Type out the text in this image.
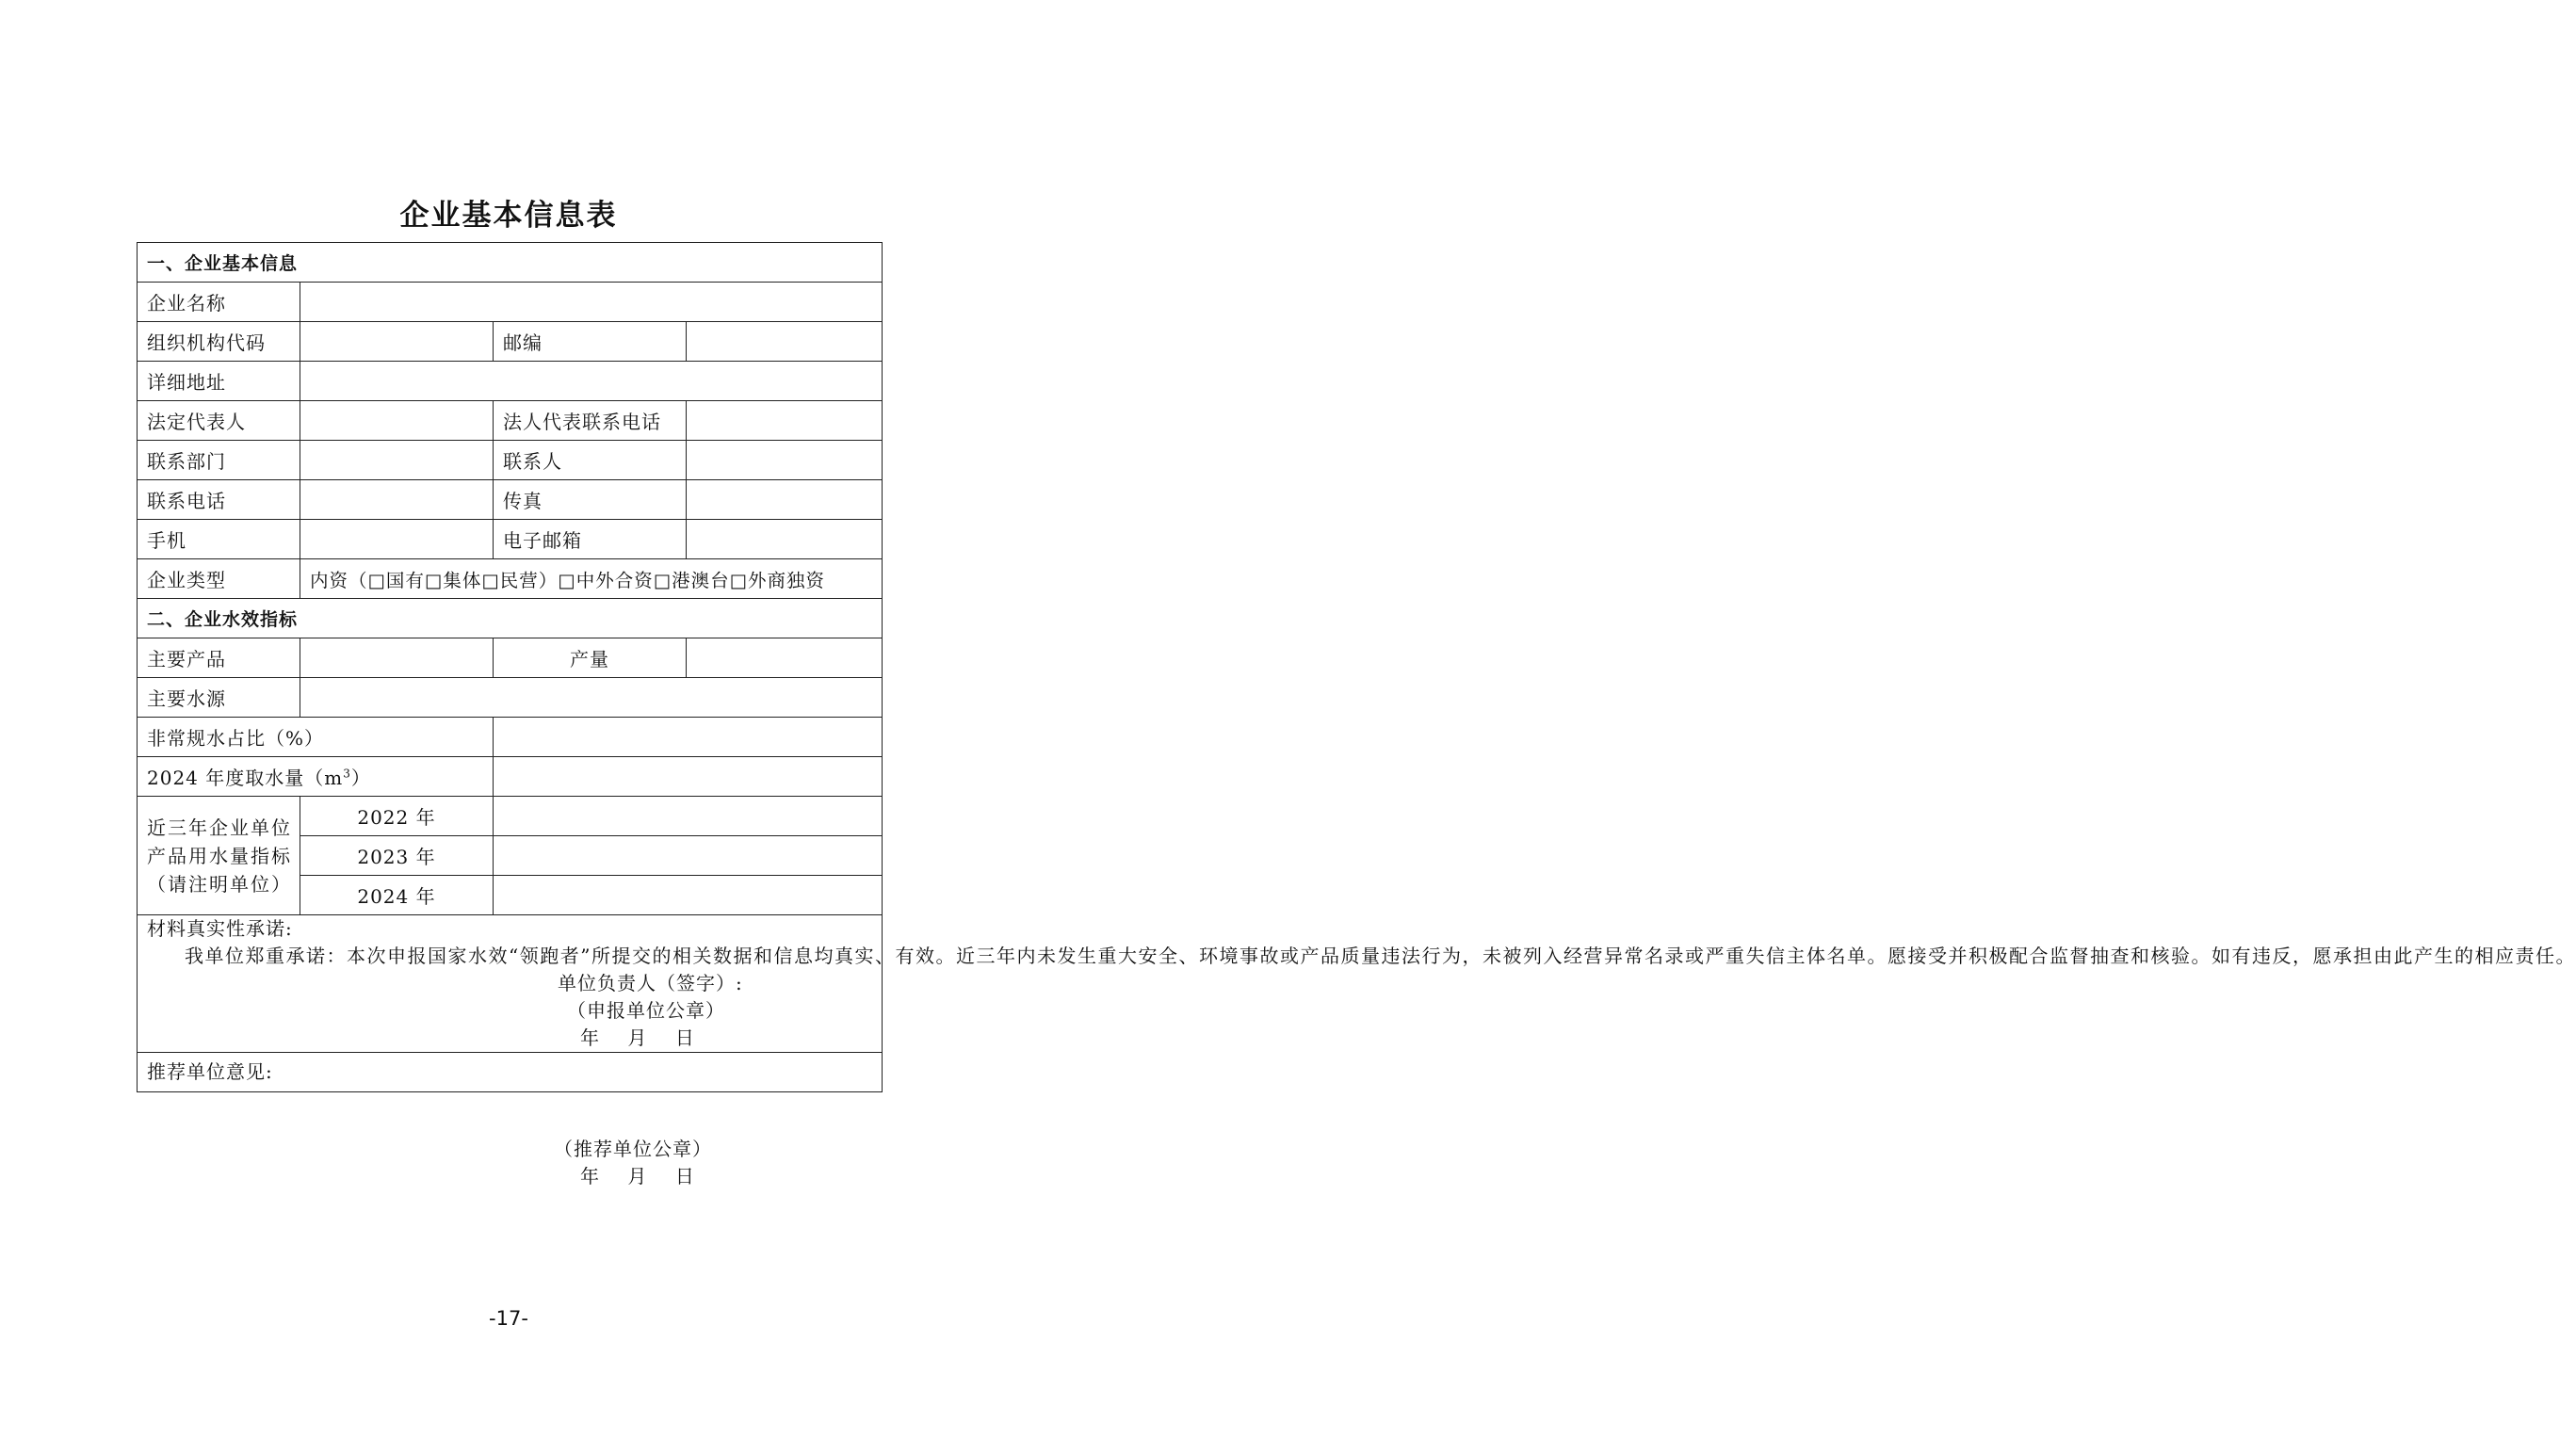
企业基本信息表
一、企业基本信息			
企业名称			
组织机构代码		邮编	
详细地址			
法定代表人		法人代表联系电话	
联系部门		联系人	
联系电话		传真	
手机		电子邮箱	
企业类型	内资（□国有□集体□民营）□中外合资□港澳台□外商独资		
二、企业水效指标			
主要产品		产量	
主要水源			
非常规水占比（%）			
2024 年度取水量$(m^3)$			

近三年企业单位
产品用水量指标
（请注明单位）	2022 年		
	2023 年		
	2024 年		

材料真实性承诺:
我单位郑重承诺：本次申报国家水效“领跑者”所提交的相关数据和信息均真实、有效。近三年内未发生重大安全、环境事故或产品质量违法行为，未被列入经营异常名录或严重失信主体名单。愿接受并积极配合监督抽查和核验。如有违反，愿承担由此产生的相应责任。
单位负责人（签字）:
（申报单位公章）
年    月    日			

推荐单位意见:
（推荐单位公章）
年    月    日			
-17-
